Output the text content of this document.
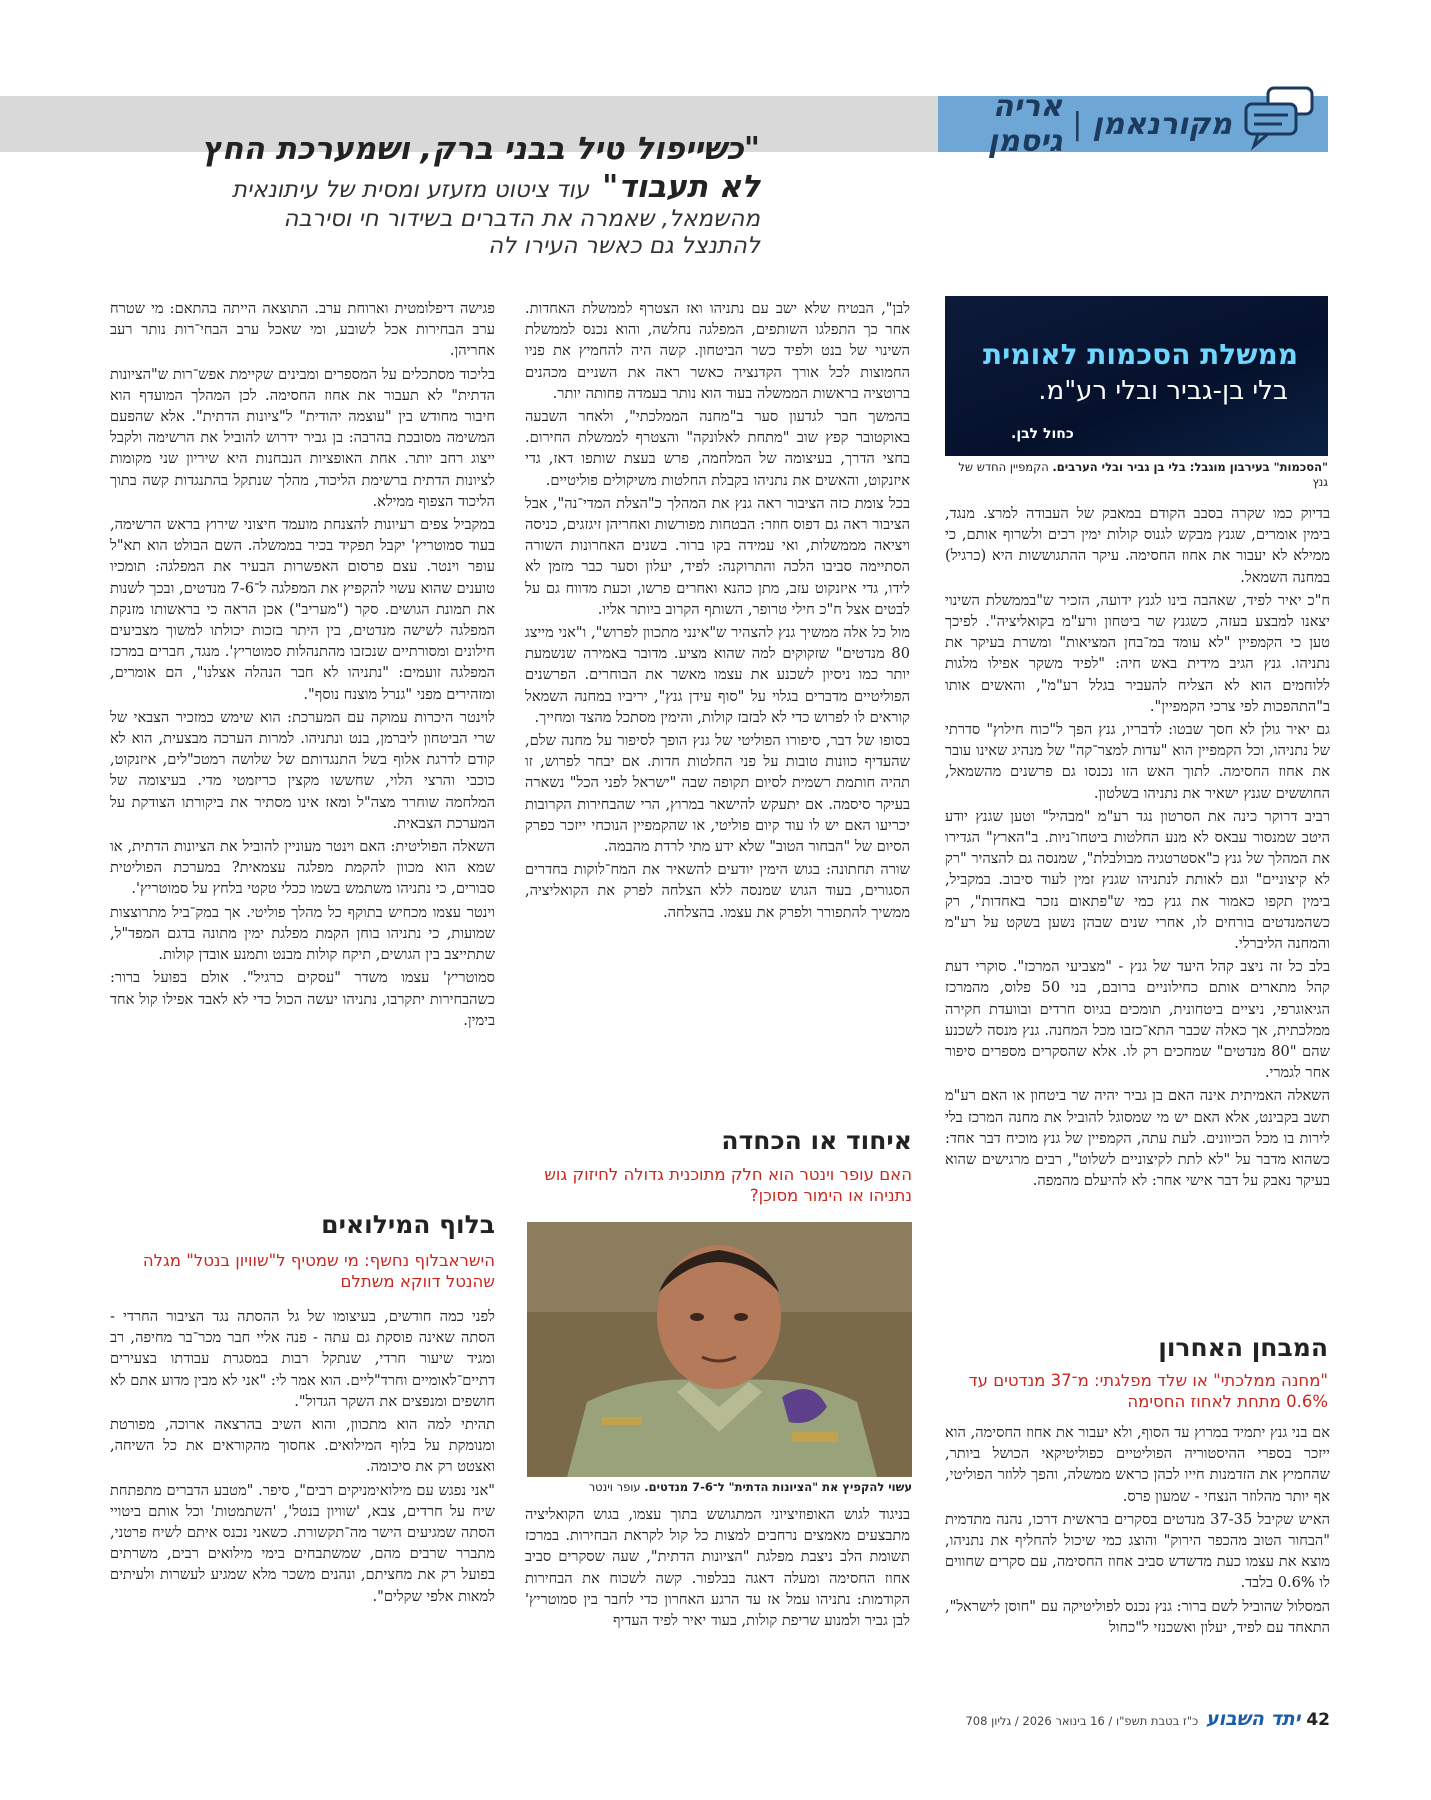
מקורנאמן
|
אריה גיסמן
"כשייפול טיל בבני ברק, ושמערכת החץ לא תעבוד" עוד ציטוט מזעזע ומסית של עיתונאית מהשמאל, שאמרה את הדברים בשידור חי וסירבה להתנצל גם כאשר העירו לה
ממשלת הסכמות לאומית
בלי בן-גביר ובלי רע"מ.
כחול לבן.
"הסכמות" בעירבון מוגבל: בלי בן גביר ובלי הערבים. הקמפיין החדש של גנץ

בדיוק כמו שקרה בסבב הקודם במאבק של העבודה למרצ. מנגד, בימין אומרים, שגנץ מבקש לגנוס קולות ימין רכים ולשרוף אותם, כי ממילא לא יעבור את אחוז החסימה. עיקר ההתגוששות היא (כרגיל) במחנה השמאל.

ח"כ יאיר לפיד, שאהבה בינו לגנץ ידועה, הזכיר ש"בממשלת השינוי יצאנו למבצע בעזה, כשגנץ שר ביטחון ורע"מ בקואליציה". לפיכך טען כי הקמפיין "לא עומד במ־בחן המציאות" ומשרת בעיקר את נתניהו. גנץ הגיב מידית באש חיה: "לפיד משקר אפילו מלגות ללוחמים הוא לא הצליח להעביר בגלל רע"מ", והאשים אותו ב"התהפכות לפי צרכי הקמפיין".

גם יאיר גולן לא חסך שבטו: לדבריו, גנץ הפך ל"כוח חילוץ" סדרתי של נתניהו, וכל הקמפיין הוא "עדות למצר־קה" של מנהיג שאינו עובר את אחוז החסימה. לתוך האש הזו נכנסו גם פרשנים מהשמאל, החוששים שגנץ ישאיר את נתניהו בשלטון.

רביב דרוקר כינה את הסרטון נגד רע"מ "מבהיל" וטען שגנץ יודע היטב שמנסור עבאס לא מנע החלטות ביטחו־ניות. ב"הארץ" הגדירו את המהלך של גנץ כ"אסטרטגיה מבולבלת", שמנסה גם להצהיר "רק לא קיצוניים" וגם לאותת לנתניהו שגנץ זמין לעוד סיבוב. במקביל, בימין תקפו כאמור את גנץ כמי ש"פתאום נזכר באחדות", רק כשהמנדטים בורחים לו, אחרי שנים שבהן נשען בשקט על רע"מ והמחנה הליברלי.

בלב כל זה ניצב קהל היעד של גנץ - "מצביעי המרכז". סוקרי דעת קהל מתארים אותם כחילוניים ברובם, בני 50 פלוס, מהמרכז הגיאוגרפי, ניציים ביטחונית, תומכים בגיוס חרדים ובוועדת חקירה ממלכתית, אך כאלה שכבר התא־כזבו מכל המחנה. גנץ מנסה לשכנע שהם "80 מנדטים" שמחכים רק לו. אלא שהסקרים מספרים סיפור אחר לגמרי.

השאלה האמיתית אינה האם בן גביר יהיה שר ביטחון או האם רע"מ תשב בקבינט, אלא האם יש מי שמסוגל להוביל את מחנה המרכז בלי לירות בו מכל הכיוונים. לעת עתה, הקמפיין של גנץ מוכיח דבר אחד: כשהוא מדבר על "לא לתת לקיצוניים לשלוט", רבים מרגישים שהוא בעיקר נאבק על דבר אישי אחר: לא להיעלם מהמפה.

המבחן האחרון
"מחנה ממלכתי" או שלד מפלגתי: מ־37 מנדטים עד 0.6% מתחת לאחוז החסימה

אם בני גנץ יתמיד במרוץ עד הסוף, ולא יעבור את אחוז החסימה, הוא ייזכר בספרי ההיסטוריה הפוליטיים כפוליטיקאי הכושל ביותר, שהחמיץ את הזדמנות חייו לכהן כראש ממשלה, והפך ללוזר הפוליטי, אף יותר מהלוזר הנצחי - שמעון פרס.

האיש שקיבל 37-35 מנדטים בסקרים בראשית דרכו, נהנה מתדמית "הבחור הטוב מהכפר הירוק" והוצג כמי שיכול להחליף את נתניהו, מוצא את עצמו כעת מדשדש סביב אחוז החסימה, עם סקרים שחווים לו 0.6% בלבד.

המסלול שהוביל לשם ברור: גנץ נכנס לפוליטיקה עם "חוסן לישראל", התאחד עם לפיד, יעלון ואשכנזי ל"כחול

לבן", הבטיח שלא ישב עם נתניהו ואז הצטרף לממשלת האחדות. אחר כך התפלגו השותפים, המפלגה נחלשה, והוא נכנס לממשלת השינוי של בנט ולפיד כשר הביטחון. קשה היה להחמיץ את פניו החמוצות לכל אורך הקדנציה כאשר ראה את השניים מכהנים ברוטציה בראשות הממשלה בעוד הוא נותר בעמדה פחותה יותר.

בהמשך חבר לגדעון סער ב"מחנה הממלכתי", ולאחר השבעה באוקטובר קפץ שוב "מתחת לאלונקה" והצטרף לממשלת החירום. בחצי הדרך, בעיצומה של המלחמה, פרש בעצת שותפו דאז, גדי איזנקוט, והאשים את נתניהו בקבלת החלטות משיקולים פוליטיים.

בכל צומת כזה הציבור ראה גנץ את המהלך כ"הצלת המדי־נה", אבל הציבור ראה גם דפוס חוזר: הבטחות מפורשות ואחריהן זיגזגים, כניסה ויציאה מממשלות, ואי עמידה בקו ברור. בשנים האחרונות השורה הסתיימה סביבו הלכה והתרוקנה: לפיד, יעלון וסער כבר מזמן לא לידו, גדי איזנקוט עזב, מתן כהנא ואחרים פרשו, וכעת מדווח גם על לבטים אצל ח"כ חילי טרופר, השותף הקרוב ביותר אליו.

מול כל אלה ממשיך גנץ להצהיר ש"אינני מתכוון לפרוש", ו"אני מייצג 80 מנדטים" שזקוקים למה שהוא מציע. מדובר באמירה שנשמעת יותר כמו ניסיון לשכנע את עצמו מאשר את הבוחרים. הפרשנים הפוליטיים מדברים בגלוי על "סוף עידן גנץ", יריביו במחנה השמאל קוראים לו לפרוש כדי לא לבזבז קולות, והימין מסתכל מהצד ומחייך.

בסופו של דבר, סיפורו הפוליטי של גנץ הופך לסיפור על מחנה שלם, שהעדיף כוונות טובות על פני החלטות חדות. אם יבחר לפרוש, זו תהיה חותמת רשמית לסיום תקופה שבה "ישראל לפני הכל" נשארה בעיקר סיסמה. אם יתעקש להישאר במרוץ, הרי שהבחירות הקרובות יכריעו האם יש לו עוד קיום פוליטי, או שהקמפיין הנוכחי ייזכר כפרק הסיום של "הבחור הטוב" שלא ידע מתי לרדת מהבמה.

שורה תחתונה: בגוש הימין יודעים להשאיר את המח־לוקות בחדרים הסגורים, בעוד הגוש שמנסה ללא הצלחה לפרק את הקואליציה, ממשיך להתפורר ולפרק את עצמו. בהצלחה.

איחוד או הכחדה
האם עופר וינטר הוא חלק מתוכנית גדולה לחיזוק גוש נתניהו או הימור מסוכן?
עשוי להקפיץ את "הציונות הדתית" ל־7-6 מנדטים. עופר וינטר

בניגוד לגוש האופוזיציוני המתגושש בתוך עצמו, בגוש הקואליציה מתבצעים מאמצים נרחבים למצות כל קול לקראת הבחירות. במרכז תשומת הלב ניצבת מפלגת "הציונות הדתית", שעה שסקרים סביב אחוז החסימה ומעלה דאגה בבלפור. קשה לשכוח את הבחירות הקודמות: נתניהו עמל אז עד הרגע האחרון כדי לחבר בין סמוטריץ' לבן גביר ולמנוע שריפת קולות, בעוד יאיר לפיד העדיף

פגישה דיפלומטית וארוחת ערב. התוצאה הייתה בהתאם: מי שטרח ערב הבחירות אכל לשובע, ומי שאכל ערב הבחי־רות נותר רעב אחריהן.

בליכוד מסתכלים על המספרים ומבינים שקיימת אפש־רות ש"הציונות הדתית" לא תעבור את אחוז החסימה. לכן המהלך המועדף הוא חיבור מחודש בין "עוצמה יהודית" ל"ציונות הדתית". אלא שהפעם המשימה מסובכת בהרבה: בן גביר ידרוש להוביל את הרשימה ולקבל ייצוג רחב יותר. אחת האופציות הנבחנות היא שיריון שני מקומות לציונות הדתית ברשימת הליכוד, מהלך שנתקל בהתנגדות קשה בתוך הליכוד הצפוף ממילא.

במקביל צפים רעיונות להצנחת מועמד חיצוני שירוץ בראש הרשימה, בעוד סמוטריץ' יקבל תפקיד בכיר בממשלה. השם הבולט הוא תא"ל עופר וינטר. עצם פרסום האפשרות הבעיר את המפלגה: תומכיו טוענים שהוא עשוי להקפיץ את המפלגה ל־7-6 מנדטים, ובכך לשנות את תמונת הגושים. סקר ("מעריב") אכן הראה כי בראשותו מזנקת המפלגה לשישה מנדטים, בין היתר בזכות יכולתו למשוך מצביעים חילונים ומסורתיים שנכזבו מהתנהלות סמוטריץ'. מנגד, חברים במרכז המפלגה זועמים: "נתניהו לא חבר הנהלה אצלנו", הם אומרים, ומזהירים מפני "גנרל מוצנח נוסף".

לוינטר היכרות עמוקה עם המערכת: הוא שימש כמזכיר הצבאי של שרי הביטחון ליברמן, בנט ונתניהו. למרות הערכה מבצעית, הוא לא קודם לדרגת אלוף בשל התנגדותם של שלושה רמטכ"לים, איזנקוט, כוכבי והרצי הלוי, שחששו מקצין כריזמטי מדי. בעיצומה של המלחמה שוחרר מצה"ל ומאז אינו מסתיר את ביקורתו הצודקת על המערכת הצבאית.

השאלה הפוליטית: האם וינטר מעוניין להוביל את הציונות הדתית, או שמא הוא מכוון להקמת מפלגה עצמאית? במערכת הפוליטית סבורים, כי נתניהו משתמש בשמו ככלי טקטי בלחץ על סמוטריץ'.

וינטר עצמו מכחיש בתוקף כל מהלך פוליטי. אך במק־ביל מתרוצצות שמועות, כי נתניהו בוחן הקמת מפלגת ימין מתונה בדגם המפד"ל, שתתייצב בין הגושים, תיקח קולות מבנט ותמנע אובדן קולות.

סמוטריץ' עצמו משדר "עסקים כרגיל". אולם בפועל ברור: כשהבחירות יתקרבו, נתניהו יעשה הכול כדי לא לאבד אפילו קול אחד בימין.

בלוף המילואים
הישראבלוף נחשף: מי שמטיף ל"שוויון בנטל" מגלה שהנטל דווקא משתלם

לפני כמה חודשים, בעיצומו של גל ההסתה נגד הציבור החרדי - הסתה שאינה פוסקת גם עתה - פנה אליי חבר מכר־בר מחיפה, רב ומגיד שיעור חרדי, שנתקל רבות במסגרת עבודתו בצעירים דתיים־לאומיים וחרד"ליים. הוא אמר לי: "אני לא מבין מדוע אתם לא חושפים ומנפצים את השקר הגדול".

תהיתי למה הוא מתכוון, והוא השיב בהרצאה ארוכה, מפורטת ומנומקת על בלוף המילואים. אחסוך מהקוראים את כל השיחה, ואצטט רק את סיכומה.

"אני נפגש עם מילואימניקים רבים", סיפר. "מטבע הדברים מתפתחת שיח על חרדים, צבא, 'שוויון בנטל', 'השתמטות' וכל אותם ביטויי הסתה שמגיעים הישר מה־תקשורת. כשאני נכנס איתם לשיח פרטני, מתברר שרבים מהם, שמשתבחים בימי מילואים רבים, משרתים בפועל רק את מחציתם, ונהנים משכר מלא שמגיע לעשרות ולעיתים למאות אלפי שקלים".

42יתד השבוע כ"ז בטבת תשפ"ו / 16 בינואר 2026 / גליון 708
